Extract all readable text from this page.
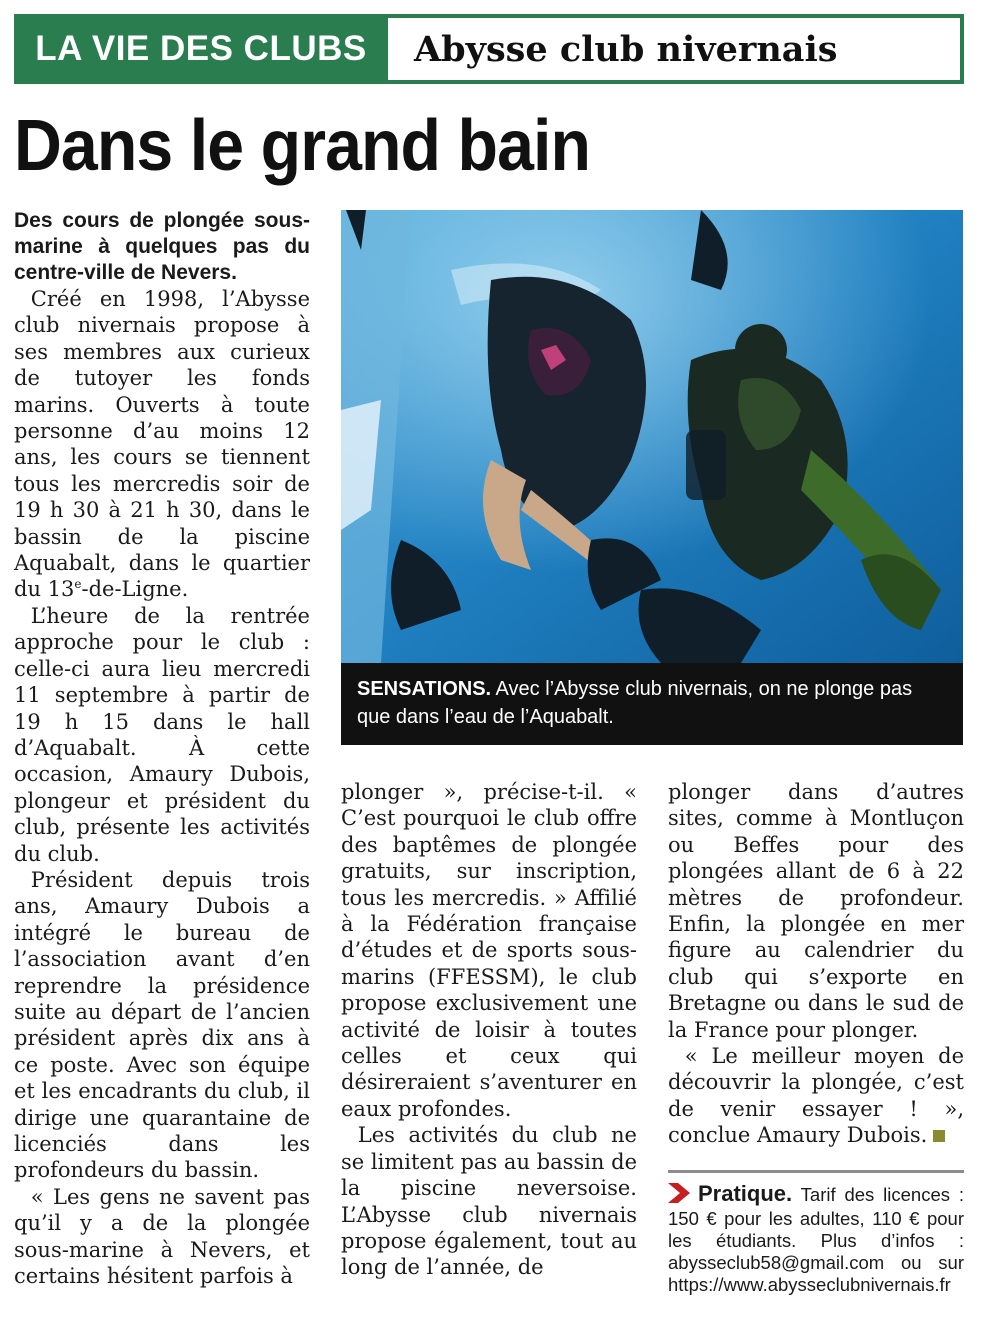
LA VIE DES CLUBS	Abysse club nivernais
Dans le grand bain

Des cours de plongée sous-marine à quelques pas du centre-ville de Nevers.

Créé en 1998, l’Abysse club nivernais propose à ses membres aux curieux de tutoyer les fonds marins. Ouverts à toute personne d’au moins 12 ans, les cours se tiennent tous les mercredis soir de 19 h 30 à 21 h 30, dans le bassin de la piscine Aquabalt, dans le quartier du 13e-de-Ligne.

L’heure de la rentrée approche pour le club : celle-ci aura lieu mercredi 11 septembre à partir de 19 h 15 dans le hall d’Aquabalt. À cette occasion, Amaury Dubois, plongeur et président du club, présente les activités du club.

Président depuis trois ans, Amaury Dubois a intégré le bureau de l’association avant d’en reprendre la présidence suite au départ de l’ancien président après dix ans à ce poste. Avec son équipe et les encadrants du club, il dirige une quarantaine de licenciés dans les profondeurs du bassin.

« Les gens ne savent pas qu’il y a de la plongée sous-marine à Nevers, et certains hésitent parfois à

SENSATIONS. Avec l’Abysse club nivernais, on ne plonge pas que dans l’eau de l’Aquabalt.

plonger », précise-t-il. « C’est pourquoi le club offre des baptêmes de plongée gratuits, sur inscription, tous les mercredis. » Affilié à la Fédération française d’études et de sports sous-marins (FFESSM), le club propose exclusivement une activité de loisir à toutes celles et ceux qui désireraient s’aventurer en eaux profondes.

Les activités du club ne se limitent pas au bassin de la piscine neversoise. L’Abysse club nivernais propose également, tout au long de l’année, de

plonger dans d’autres sites, comme à Montluçon ou Beffes pour des plongées allant de 6 à 22 mètres de profondeur. Enfin, la plongée en mer figure au calendrier du club qui s’exporte en Bretagne ou dans le sud de la France pour plonger.

« Le meilleur moyen de découvrir la plongée, c’est de venir essayer ! », conclue Amaury Dubois.

Pratique. Tarif des licences : 150 € pour les adultes, 110 € pour les étudiants. Plus d’infos : abysseclub58@gmail.com ou sur https://www.abysseclubnivernais.fr
